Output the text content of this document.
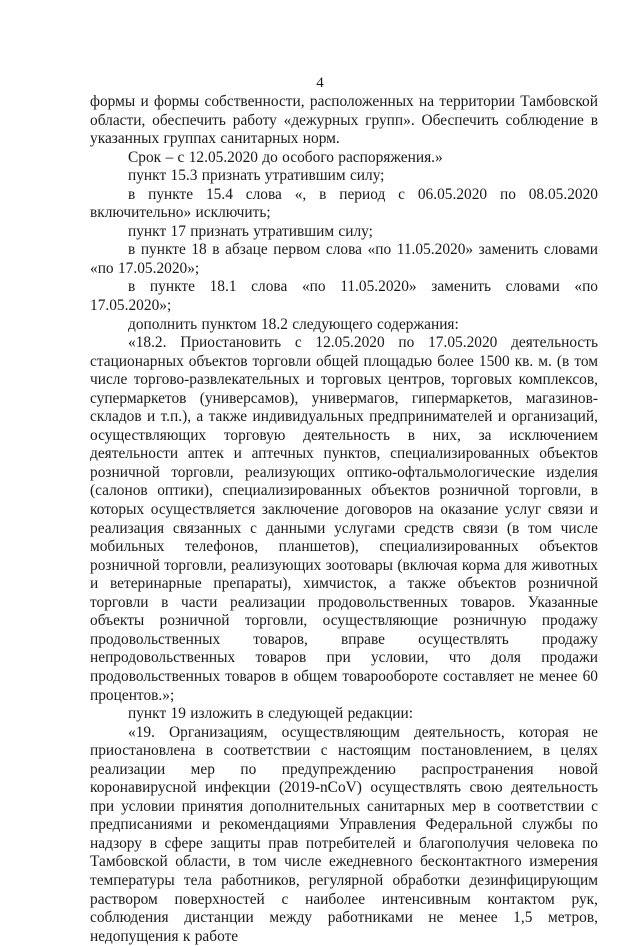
4

формы и формы собственности, расположенных на территории Тамбовской области, обеспечить работу «дежурных групп». Обеспечить соблюдение в указанных группах санитарных норм.

Срок – с 12.05.2020 до особого распоряжения.»

пункт 15.3 признать утратившим силу;

в пункте 15.4 слова «, в период с 06.05.2020 по 08.05.2020 включительно» исключить;

пункт 17 признать утратившим силу;

в пункте 18 в абзаце первом слова «по 11.05.2020» заменить словами «по 17.05.2020»;

в пункте 18.1 слова «по 11.05.2020» заменить словами «по 17.05.2020»;

дополнить пунктом 18.2 следующего содержания:

«18.2. Приостановить с 12.05.2020 по 17.05.2020 деятельность стационарных объектов торговли общей площадью более 1500 кв. м. (в том числе торгово-развлекательных и торговых центров, торговых комплексов, супермаркетов (универсамов), универмагов, гипермаркетов, магазинов-складов и т.п.), а также индивидуальных предпринимателей и организаций, осуществляющих торговую деятельность в них, за исключением деятельности аптек и аптечных пунктов, специализированных объектов розничной торговли, реализующих оптико-офтальмологические изделия (салонов оптики), специализированных объектов розничной торговли, в которых осуществляется заключение договоров на оказание услуг связи и реализация связанных с данными услугами средств связи (в том числе мобильных телефонов, планшетов), специализированных объектов розничной торговли, реализующих зоотовары (включая корма для животных и ветеринарные препараты), химчисток, а также объектов розничной торговли в части реализации продовольственных товаров. Указанные объекты розничной торговли, осуществляющие розничную продажу продовольственных товаров, вправе осуществлять продажу непродовольственных товаров при условии, что доля продажи продовольственных товаров в общем товарообороте составляет не менее 60 процентов.»;

пункт 19 изложить в следующей редакции:

«19. Организациям, осуществляющим деятельность, которая не приостановлена в соответствии с настоящим постановлением, в целях реализации мер по предупреждению распространения новой коронавирусной инфекции (2019-nCoV) осуществлять свою деятельность при условии принятия дополнительных санитарных мер в соответствии с предписаниями и рекомендациями Управления Федеральной службы по надзору в сфере защиты прав потребителей и благополучия человека по Тамбовской области, в том числе ежедневного бесконтактного измерения температуры тела работников, регулярной обработки дезинфицирующим раствором поверхностей с наиболее интенсивным контактом рук, соблюдения дистанции между работниками не менее 1,5 метров, недопущения к работе
